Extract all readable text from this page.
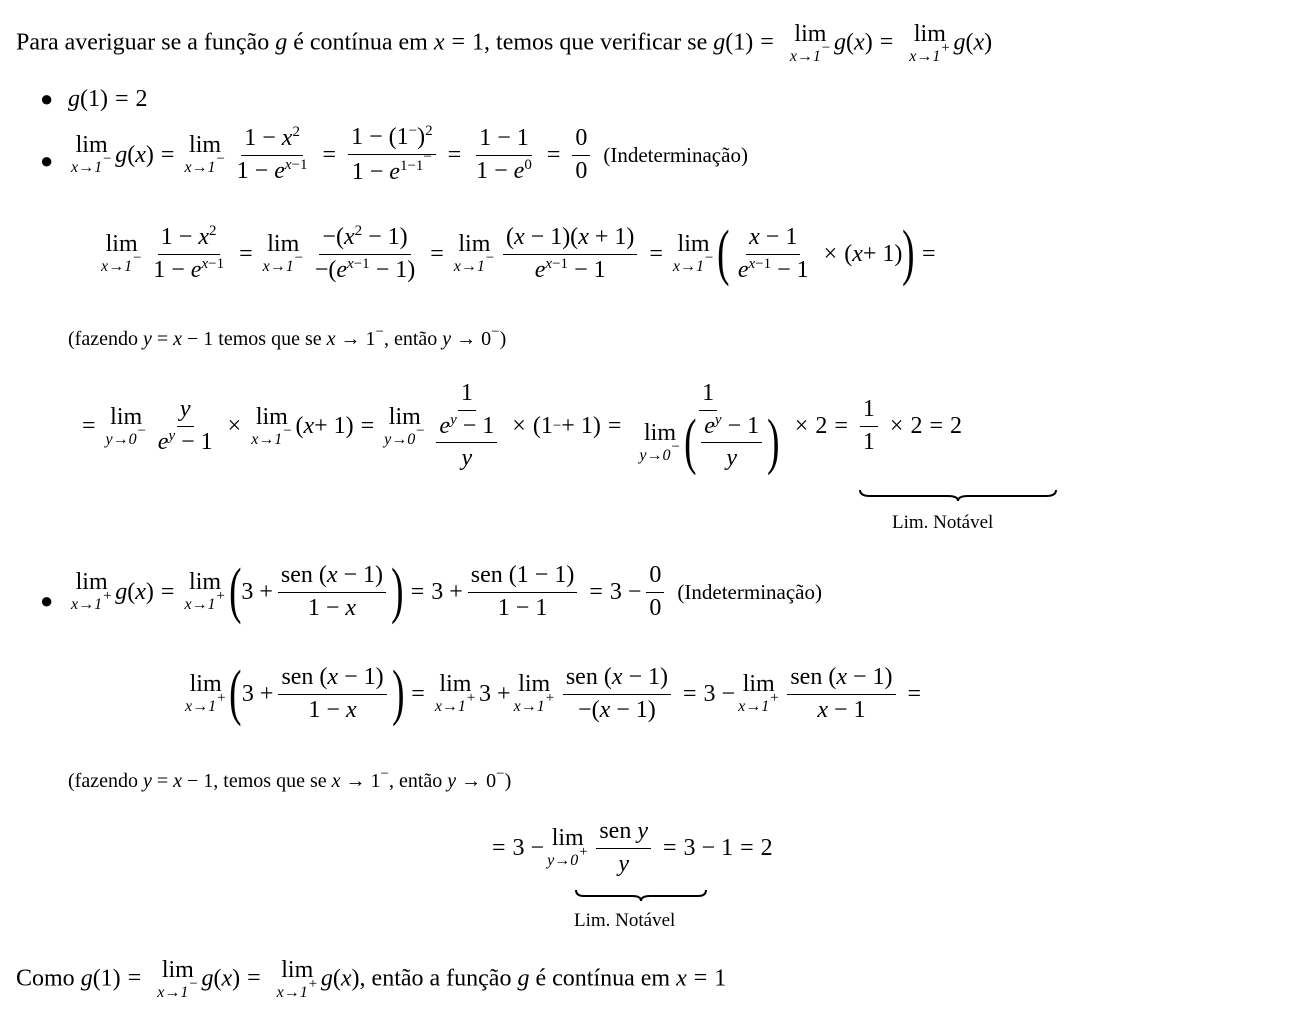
Para averiguar se a função g é contínua em x = 1, temos que verificar se g(1) = lim
x→1− g(x) = lim
x→1+ g(x)
● g(1) = 2
●
lim
x→1− g ( x ) = lim
$x\to 1^- \frac{1 - x^2}{1 - e^{x-1}} = \frac{1 - (1^-)^2}{1 - e^{1-1^-}} = \frac{1 - 1}{1 - e^0} = \frac{0}{0}$ (Indeterminação)
lim
$x\to 1^- \frac{1 - x^2}{1 - e^{x-1}} = \lim$
$x\to 1^- \frac{-(x^2 - 1)}{-(e^{x-1} - 1)} = \lim$
$x\to 1^- \frac{(x - 1)(x + 1)}{e^{x-1} - 1} = \lim$
x→1− ( $\frac{x - 1}{e^{x-1} - 1}$ × ( x + 1) ) =
(fazendo y = x − 1 temos que se x → 1−, então y → 0−)
= lim
$y\to 0^- \frac{y}{e^y - 1} \times \lim$
x→1− ( x + 1) = lim
$y\to 0^- \frac{1}{\frac{e^y - 1}{y}} \times (1$ − + 1) = 1
lim
y→0− ( $e^y - 1$
y ) × $2 = \frac{1}{1} \times 2 = 2$
Lim. Notável
●
lim
x→1+ g ( x ) = lim
x→1+ ( 3 +
sen (x − 1)
1 − x ) = 3 +
sen (1 − 1)
1 − 1
= $3 - \frac{0}{0}$ (Indeterminação)
lim
x→1+ ( 3 +
sen (x − 1)
1 − x ) = lim
x→1+ 3 + lim
x→1+
sen (x − 1)
−(x − 1)
= 3 − lim
x→1+
sen (x − 1)
x − 1
=
(fazendo y = x − 1, temos que se x → 1−, então y → 0−)
= 3 − lim
y→0+
sen y
y
= 3 − 1 = 2
Lim. Notável
Como g(1) = lim
x→1− g(x) = lim
x→1+ g(x), então a função g é contínua em x = 1
